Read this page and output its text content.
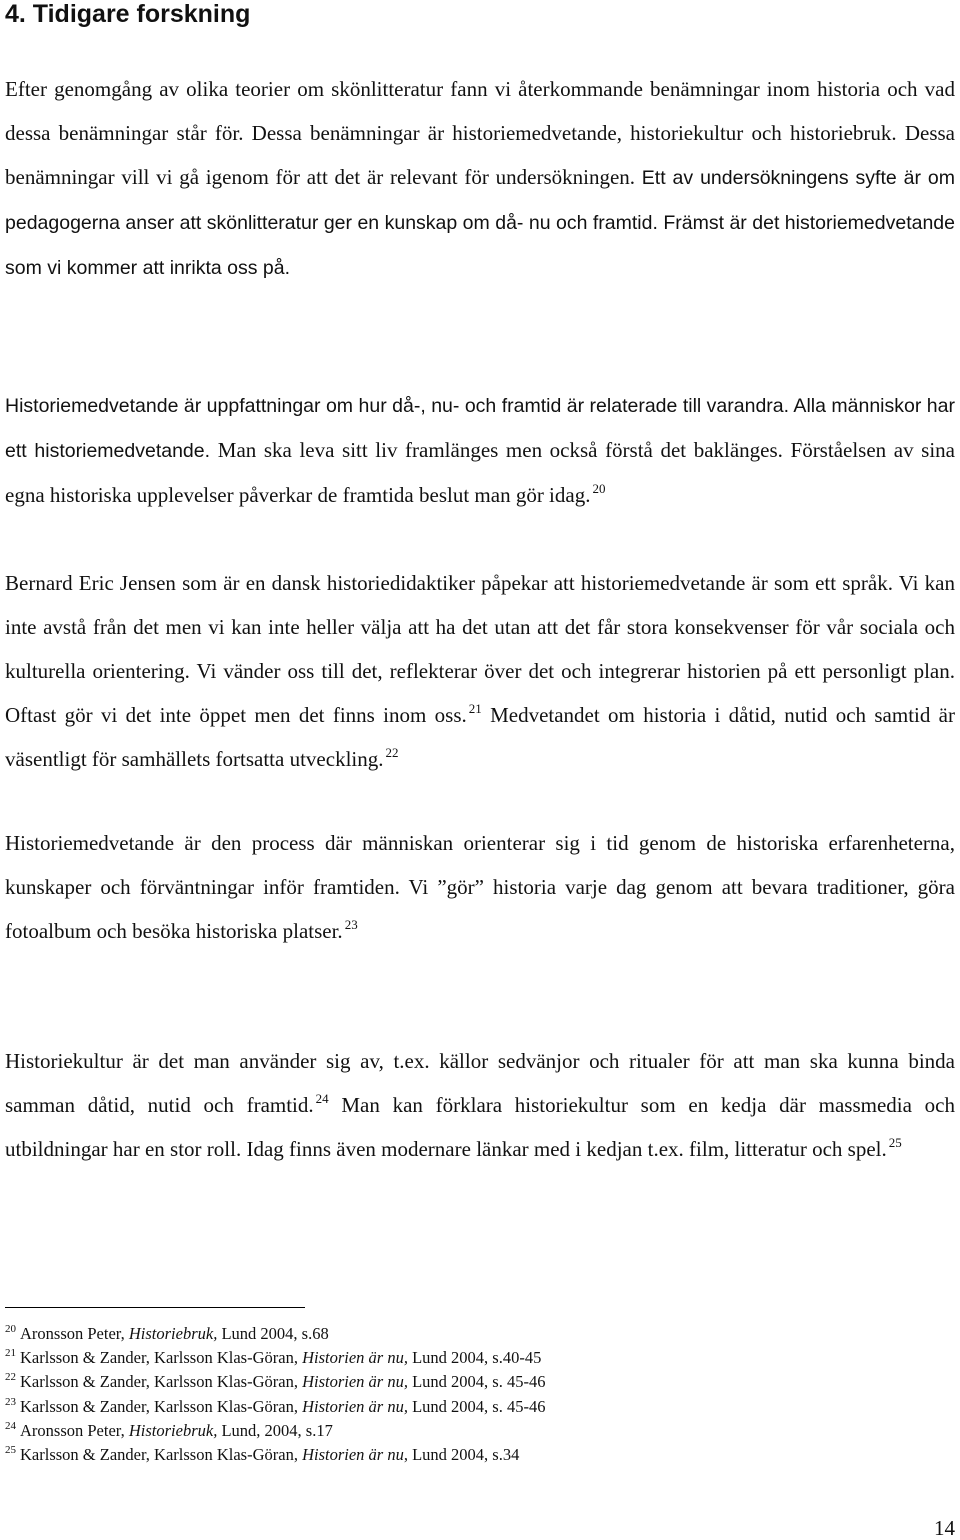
4. Tidigare forskning

Efter genomgång av olika teorier om skönlitteratur fann vi återkommande benämningar inom historia och vad dessa benämningar står för. Dessa benämningar är historiemedvetande, historiekultur och historiebruk. Dessa benämningar vill vi gå igenom för att det är relevant för undersökningen. Ett av undersökningens syfte är om pedagogerna anser att skönlitteratur ger en kunskap om då- nu och framtid. Främst är det historiemedvetande som vi kommer att inrikta oss på.

Historiemedvetande är uppfattningar om hur då-, nu- och framtid är relaterade till varandra. Alla människor har ett historiemedvetande. Man ska leva sitt liv framlänges men också förstå det baklänges. Förståelsen av sina egna historiska upplevelser påverkar de framtida beslut man gör idag. $^{20}$

Bernard Eric Jensen som är en dansk historiedidaktiker påpekar att historiemedvetande är som ett språk. Vi kan inte avstå från det men vi kan inte heller välja att ha det utan att det får stora konsekvenser för vår sociala och kulturella orientering. Vi vänder oss till det, reflekterar över det och integrerar historien på ett personligt plan. Oftast gör vi det inte öppet men det finns inom oss. $^{21}$ Medvetandet om historia i dåtid, nutid och samtid är väsentligt för samhällets fortsatta utveckling. $^{22}$

Historiemedvetande är den process där människan orienterar sig i tid genom de historiska erfarenheterna, kunskaper och förväntningar inför framtiden. Vi ”gör” historia varje dag genom att bevara traditioner, göra fotoalbum och besöka historiska platser. $^{23}$

Historiekultur är det man använder sig av, t.ex. källor sedvänjor och ritualer för att man ska kunna binda samman dåtid, nutid och framtid. $^{24}$ Man kan förklara historiekultur som en kedja där massmedia och utbildningar har en stor roll. Idag finns även modernare länkar med i kedjan t.ex. film, litteratur och spel. $^{25}$

$^{20}$ Aronsson Peter, Historiebruk, Lund 2004, s.68
$^{21}$ Karlsson & Zander, Karlsson Klas-Göran, Historien är nu, Lund 2004, s.40-45
$^{22}$ Karlsson & Zander, Karlsson Klas-Göran, Historien är nu, Lund 2004, s. 45-46
$^{23}$ Karlsson & Zander, Karlsson Klas-Göran, Historien är nu, Lund 2004, s. 45-46
$^{24}$ Aronsson Peter, Historiebruk, Lund, 2004, s.17
$^{25}$ Karlsson & Zander, Karlsson Klas-Göran, Historien är nu, Lund 2004, s.34
14
